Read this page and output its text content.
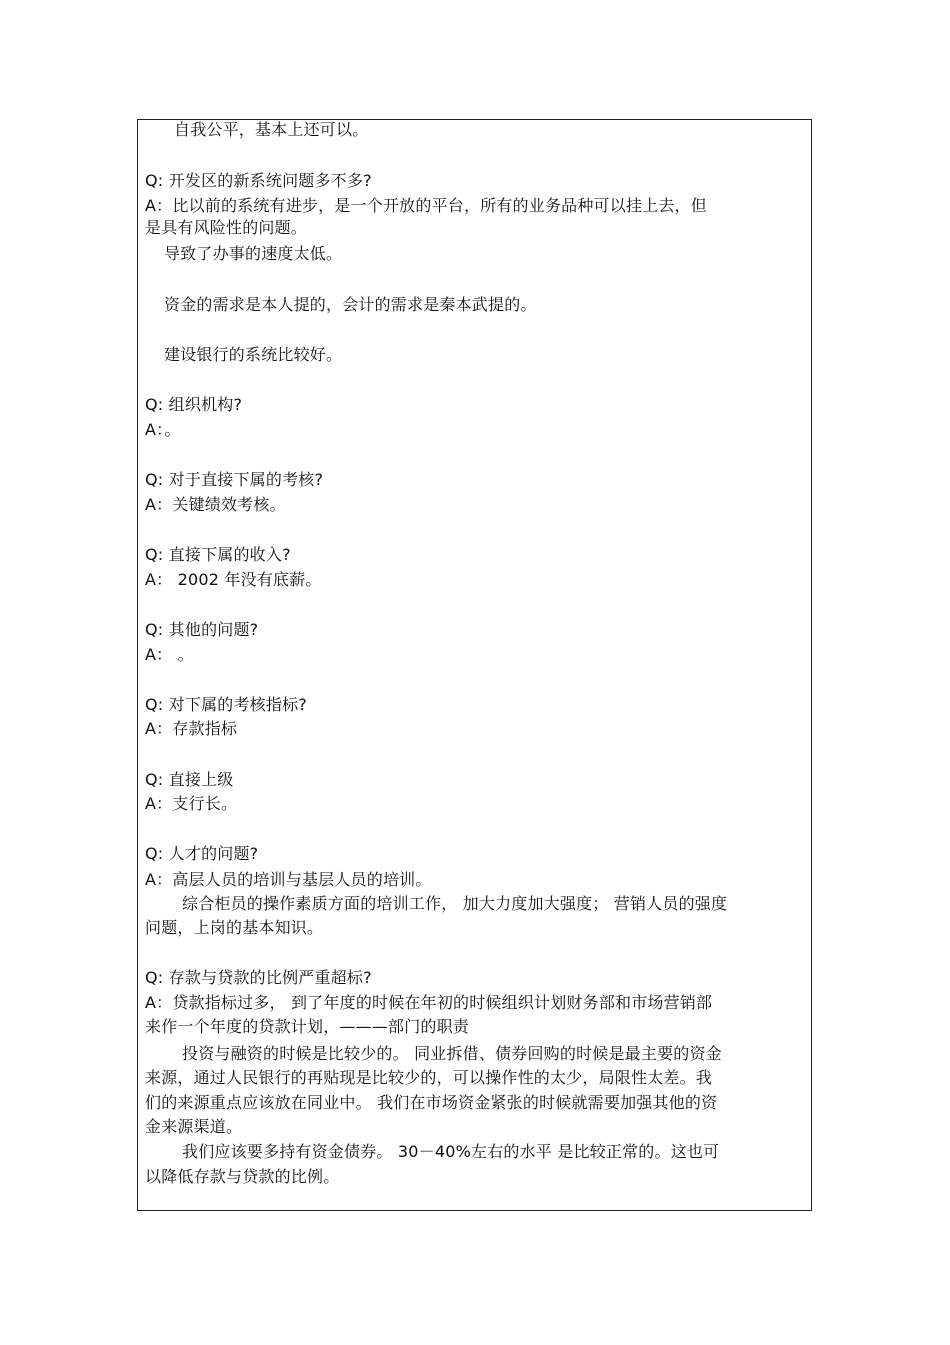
自我公平，基本上还可以。
Q: 开发区的新系统问题多不多?
A：比以前的系统有进步，是一个开放的平台，所有的业务品种可以挂上去，但
是具有风险性的问题。
导致了办事的速度太低。
资金的需求是本人提的，会计的需求是秦本武提的。
建设银行的系统比较好。
Q: 组织机构?
A：。
Q: 对于直接下属的考核?
A：关键绩效考核。
Q: 直接下属的收入?
A： 2002 年没有底薪。
Q: 其他的问题?
A： 。
Q: 对下属的考核指标?
A：存款指标
Q: 直接上级
A：支行长。
Q: 人才的问题?
A：高层人员的培训与基层人员的培训。
综合柜员的操作素质方面的培训工作， 加大力度加大强度； 营销人员的强度
问题，上岗的基本知识。
Q: 存款与贷款的比例严重超标?
A：贷款指标过多， 到了年度的时候在年初的时候组织计划财务部和市场营销部
来作一个年度的贷款计划，———部门的职责
投资与融资的时候是比较少的。 同业拆借、债券回购的时候是最主要的资金
来源，通过人民银行的再贴现是比较少的，可以操作性的太少，局限性太差。我
们的来源重点应该放在同业中。 我们在市场资金紧张的时候就需要加强其他的资
金来源渠道。
我们应该要多持有资金债券。 30－40%左右的水平 是比较正常的。这也可
以降低存款与贷款的比例。
